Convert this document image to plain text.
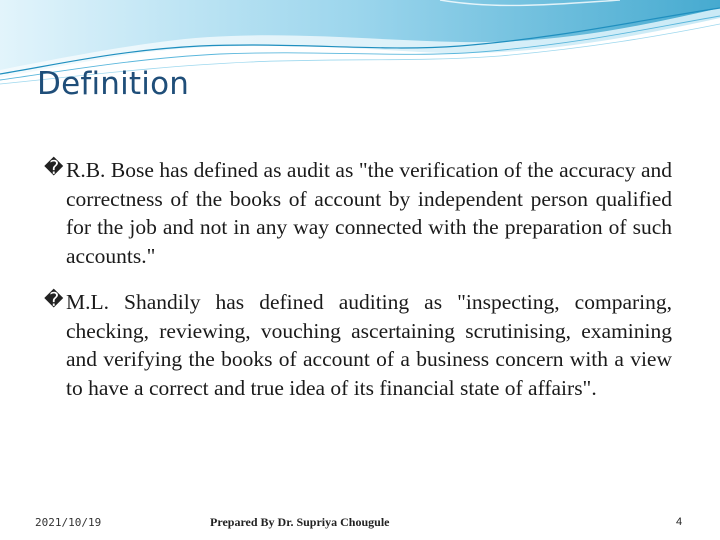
Definition
� R.B. Bose has defined as audit as "the verification of the accuracy and correctness of the books of account by independent person qualified for the job and not in any way connected with the preparation of such accounts."
� M.L. Shandily has defined auditing as "inspecting, comparing, checking, reviewing, vouching ascertaining scrutinising, examining and verifying the books of account of a business concern with a view to have a correct and true idea of its financial state of affairs".
2021/10/19	Prepared By Dr. Supriya Chougule	4
